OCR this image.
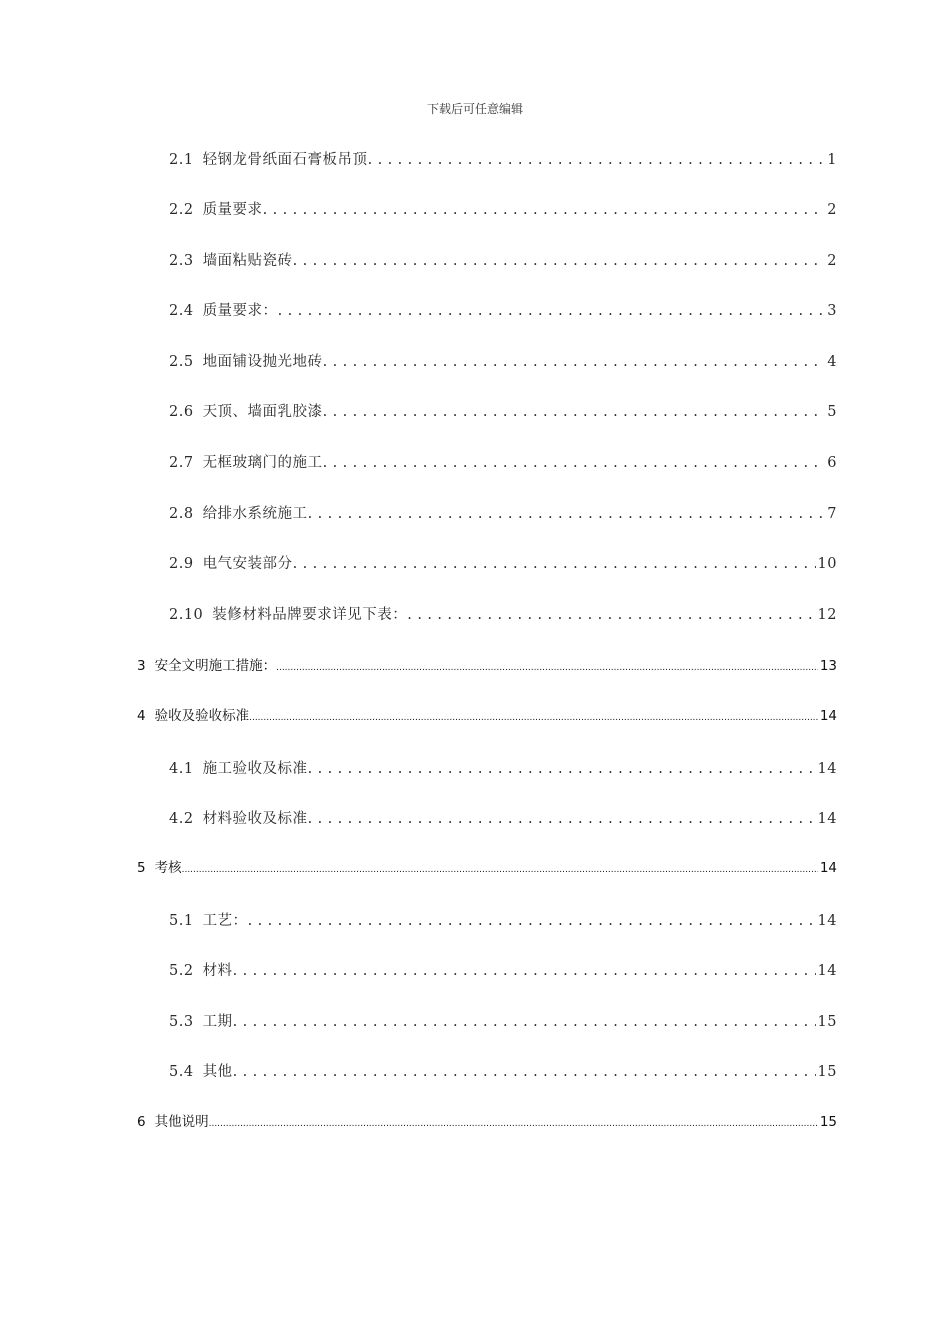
下载后可任意编辑
2.1 轻钢龙骨纸面石膏板吊顶 . . .	1
2.2 质量要求 . . .	2
2.3 墙面粘贴瓷砖 . . .	2
2.4 质量要求： . . .	3
2.5 地面铺设抛光地砖 . . .	4
2.6 天顶、墙面乳胶漆 . . .	5
2.7 无框玻璃门的施工 . . .	6
2.8 给排水系统施工 . . .	7
2.9 电气安装部分 . . .	10
2.10 装修材料品牌要求详见下表： . . .	12
3 安全文明施工措施： .....	13
4 验收及验收标准 .....	14
4.1 施工验收及标准 . . .	14
4.2 材料验收及标准 . . .	14
5 考核 .....	14
5.1 工艺： . . .	14
5.2 材料 . . .	14
5.3 工期 . . .	15
5.4 其他 . . .	15
6 其他说明 .....	15
